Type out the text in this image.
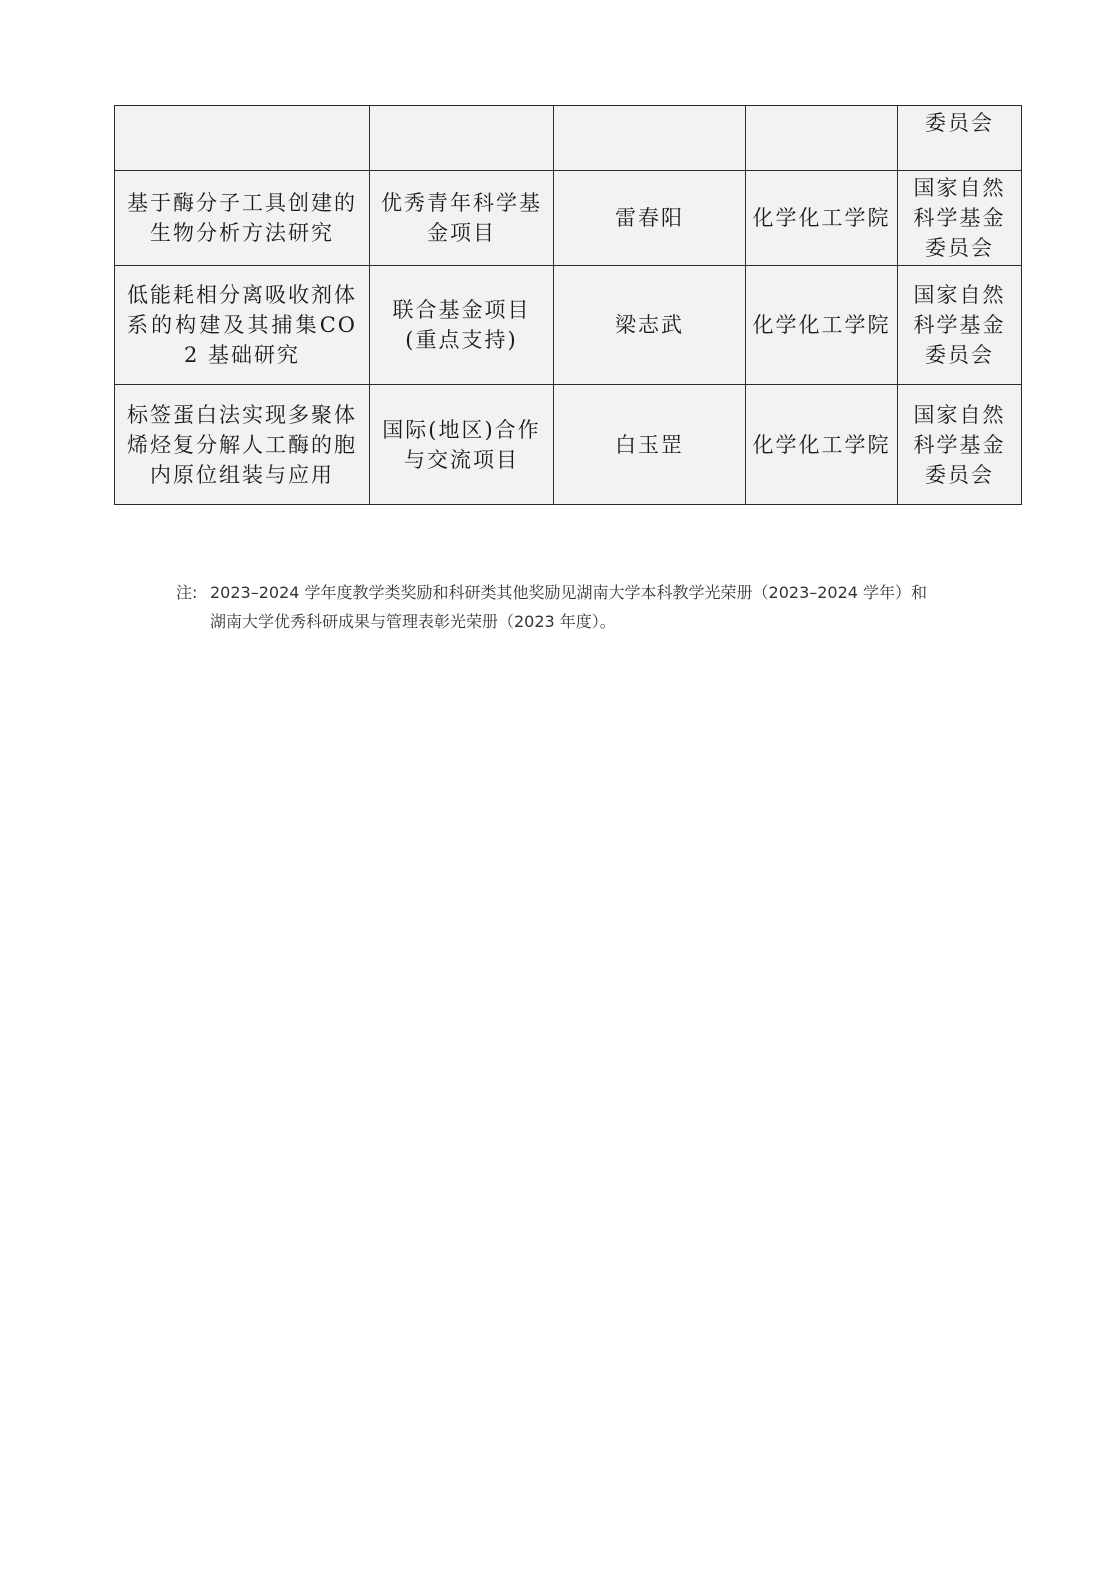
				委员会
基于酶分子工具创建的生物分析方法研究	优秀青年科学基金项目	雷春阳	化学化工学院	国家自然科学基金委员会
低能耗相分离吸收剂体系的构建及其捕集CO2 基础研究	联合基金项目(重点支持)	梁志武	化学化工学院	国家自然科学基金委员会
标签蛋白法实现多聚体烯烃复分解人工酶的胞内原位组装与应用	国际(地区)合作与交流项目	白玉罡	化学化工学院	国家自然科学基金委员会
注: 2023–2024 学年度教学类奖励和科研类其他奖励见湖南大学本科教学光荣册（2023–2024 学年）和湖南大学优秀科研成果与管理表彰光荣册（2023 年度）。
